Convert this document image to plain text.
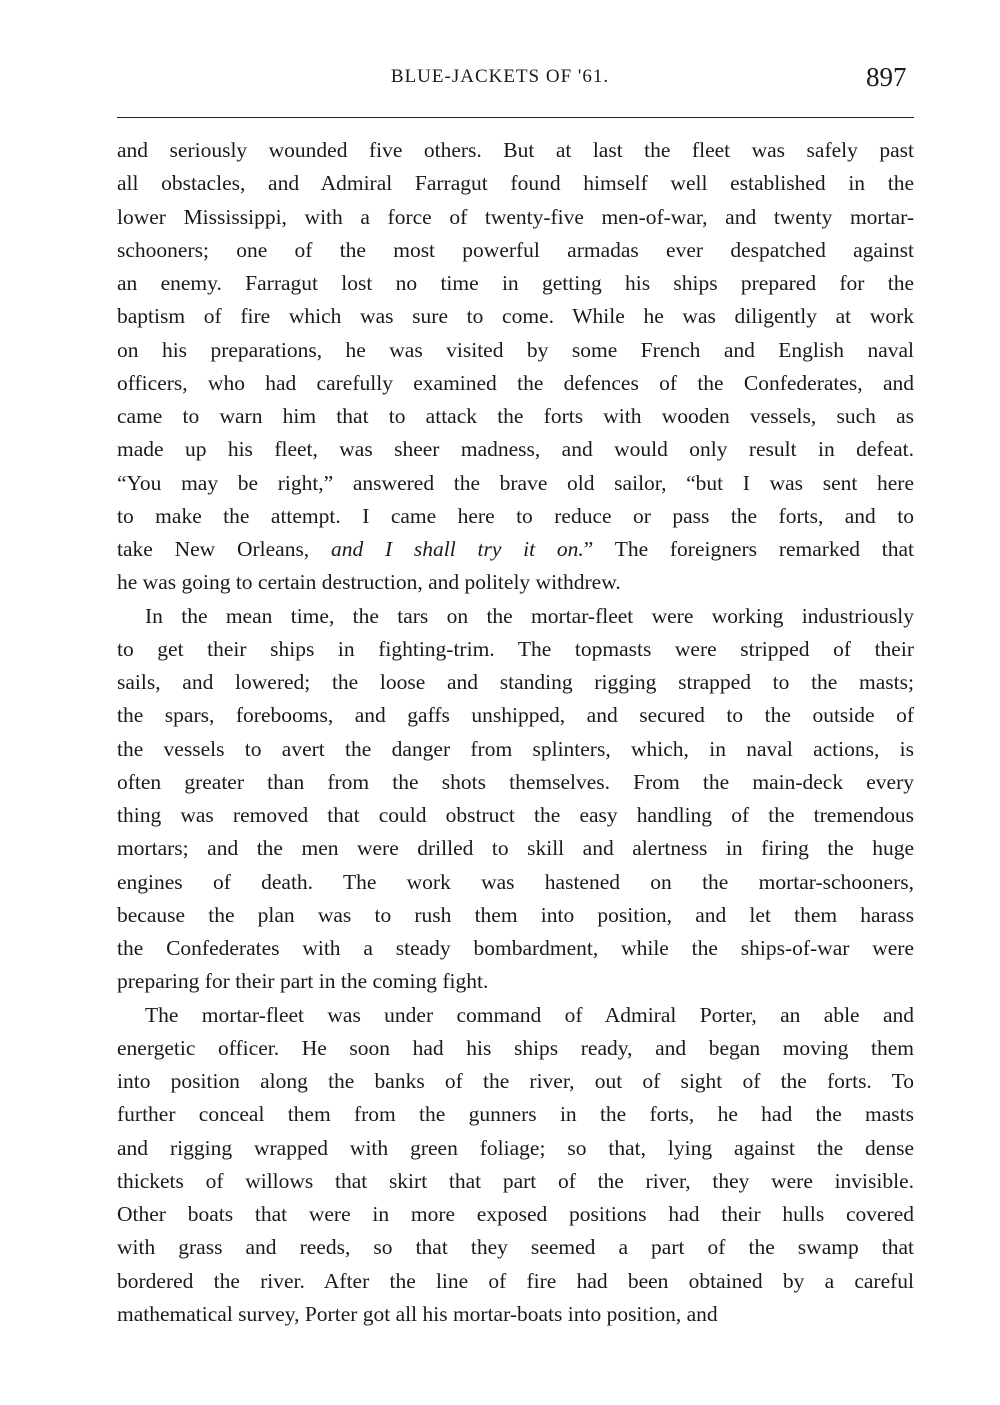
BLUE-JACKETS OF '61.	897
and seriously wounded five others. But at last the fleet was safely past
all obstacles, and Admiral Farragut found himself well established in the
lower Mississippi, with a force of twenty-five men-of-war, and twenty mortar-
schooners; one of the most powerful armadas ever despatched against
an enemy. Farragut lost no time in getting his ships prepared for the
baptism of fire which was sure to come. While he was diligently at work
on his preparations, he was visited by some French and English naval
officers, who had carefully examined the defences of the Confederates, and
came to warn him that to attack the forts with wooden vessels, such as
made up his fleet, was sheer madness, and would only result in defeat.
“You may be right,” answered the brave old sailor, “but I was sent here
to make the attempt. I came here to reduce or pass the forts, and to
take New Orleans, and I shall try it on.” The foreigners remarked that
he was going to certain destruction, and politely withdrew.
In the mean time, the tars on the mortar-fleet were working industriously
to get their ships in fighting-trim. The topmasts were stripped of their
sails, and lowered; the loose and standing rigging strapped to the masts;
the spars, forebooms, and gaffs unshipped, and secured to the outside of
the vessels to avert the danger from splinters, which, in naval actions, is
often greater than from the shots themselves. From the main-deck every
thing was removed that could obstruct the easy handling of the tremendous
mortars; and the men were drilled to skill and alertness in firing the huge
engines of death. The work was hastened on the mortar-schooners,
because the plan was to rush them into position, and let them harass
the Confederates with a steady bombardment, while the ships-of-war were
preparing for their part in the coming fight.
The mortar-fleet was under command of Admiral Porter, an able and
energetic officer. He soon had his ships ready, and began moving them
into position along the banks of the river, out of sight of the forts. To
further conceal them from the gunners in the forts, he had the masts
and rigging wrapped with green foliage; so that, lying against the dense
thickets of willows that skirt that part of the river, they were invisible.
Other boats that were in more exposed positions had their hulls covered
with grass and reeds, so that they seemed a part of the swamp that
bordered the river. After the line of fire had been obtained by a careful
mathematical survey, Porter got all his mortar-boats into position, and
